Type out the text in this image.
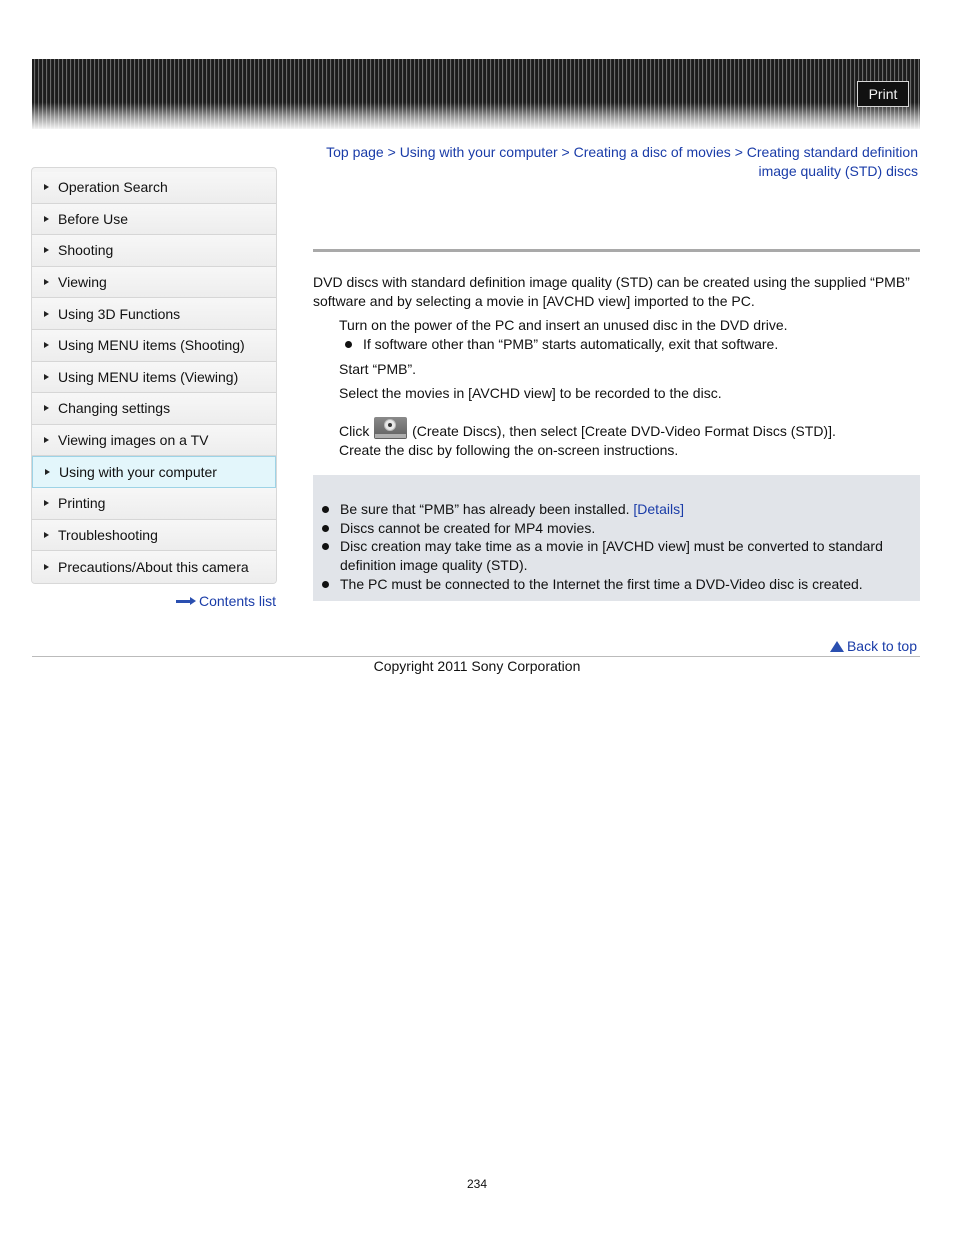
Print
Top page > Using with your computer > Creating a disc of movies > Creating standard definition image quality (STD) discs
Operation Search
Before Use
Shooting
Viewing
Using 3D Functions
Using MENU items (Shooting)
Using MENU items (Viewing)
Changing settings
Viewing images on a TV
Using with your computer
Printing
Troubleshooting
Precautions/About this camera
Contents list
DVD discs with standard definition image quality (STD) can be created using the supplied “PMB” software and by selecting a movie in [AVCHD view] imported to the PC.
Turn on the power of the PC and insert an unused disc in the DVD drive.
If software other than “PMB” starts automatically, exit that software.
Start “PMB”.
Select the movies in [AVCHD view] to be recorded to the disc.
Click	(Create Discs), then select [Create DVD-Video Format Discs (STD)].
Create the disc by following the on-screen instructions.
Be sure that “PMB” has already been installed. [Details]
Discs cannot be created for MP4 movies.
Disc creation may take time as a movie in [AVCHD view] must be converted to standard definition image quality (STD).
The PC must be connected to the Internet the first time a DVD-Video disc is created.
Back to top
Copyright 2011 Sony Corporation
234
